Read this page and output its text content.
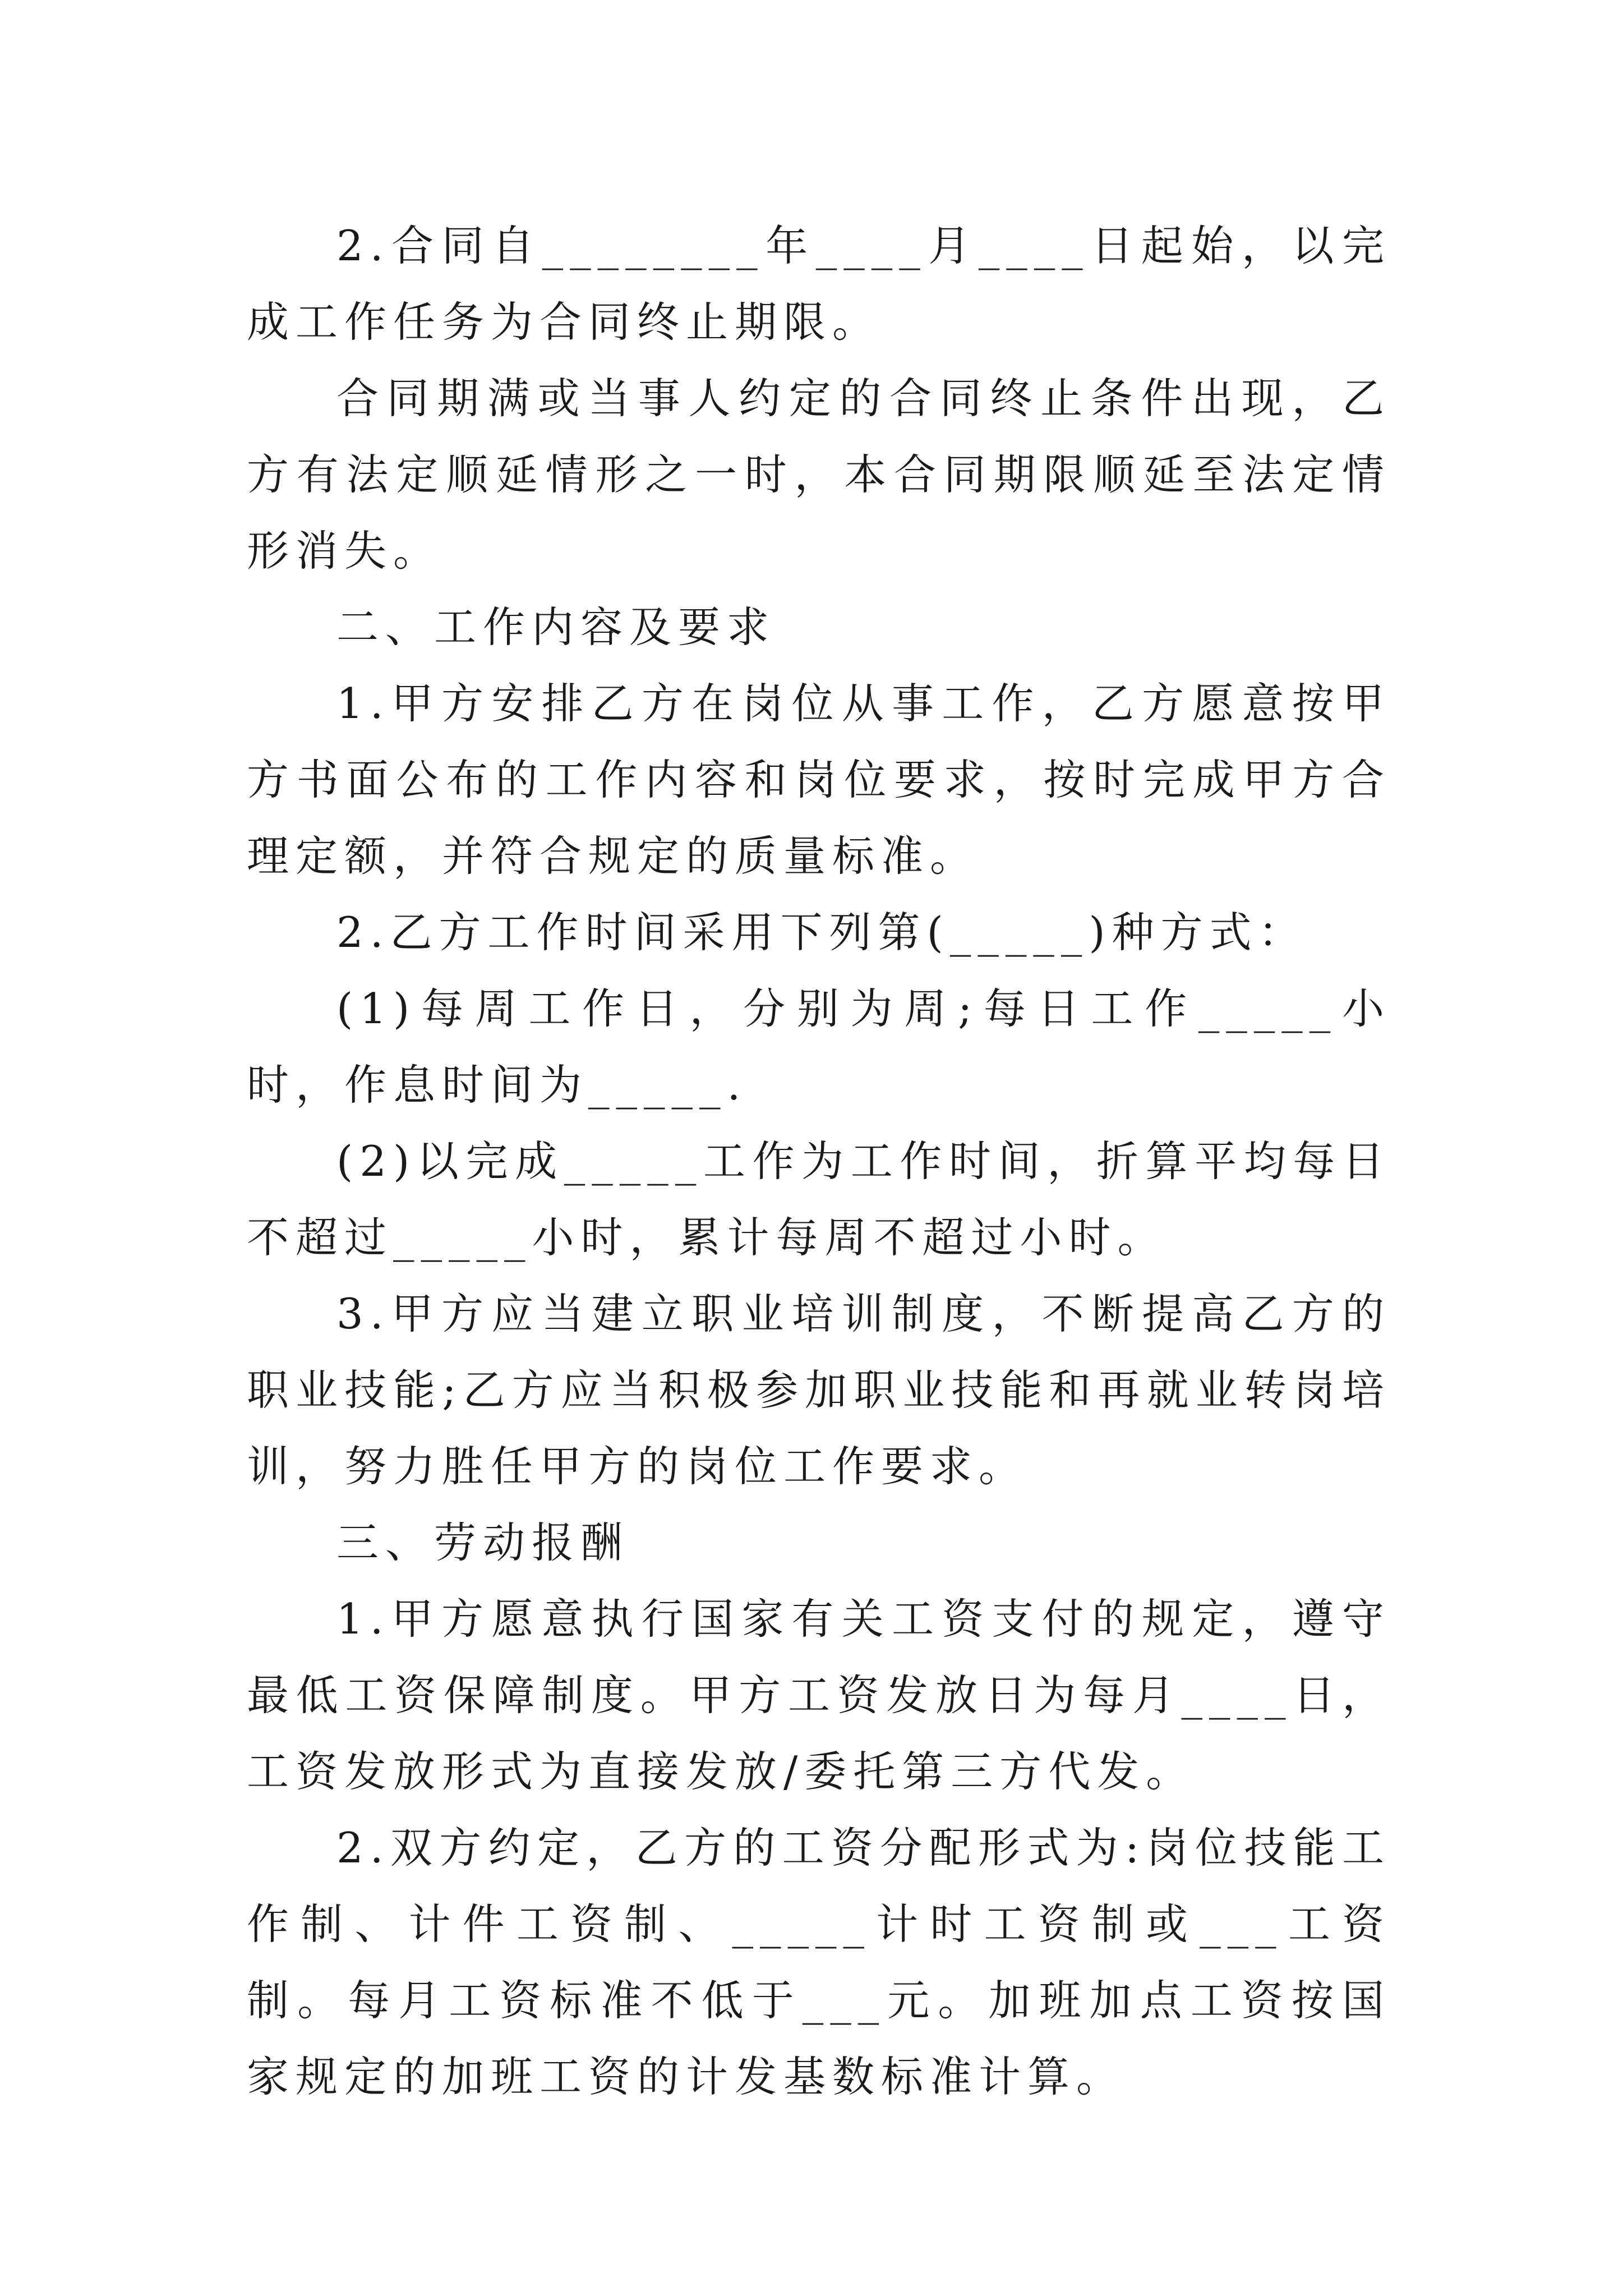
2.合同自________年____月____日起始，以完成工作任务为合同终止期限。

合同期满或当事人约定的合同终止条件出现，乙方有法定顺延情形之一时，本合同期限顺延至法定情形消失。

二、工作内容及要求

1.甲方安排乙方在岗位从事工作，乙方愿意按甲方书面公布的工作内容和岗位要求，按时完成甲方合理定额，并符合规定的质量标准。

2.乙方工作时间采用下列第(_____)种方式：

(1)每周工作日，分别为周;每日工作_____小时，作息时间为_____.

(2)以完成_____工作为工作时间，折算平均每日不超过_____小时，累计每周不超过小时。

3.甲方应当建立职业培训制度，不断提高乙方的职业技能;乙方应当积极参加职业技能和再就业转岗培训，努力胜任甲方的岗位工作要求。

三、劳动报酬

1.甲方愿意执行国家有关工资支付的规定，遵守最低工资保障制度。甲方工资发放日为每月____日，工资发放形式为直接发放/委托第三方代发。

2.双方约定，乙方的工资分配形式为:岗位技能工作制、计件工资制、_____计时工资制或___工资制。每月工资标准不低于___元。加班加点工资按国家规定的加班工资的计发基数标准计算。
